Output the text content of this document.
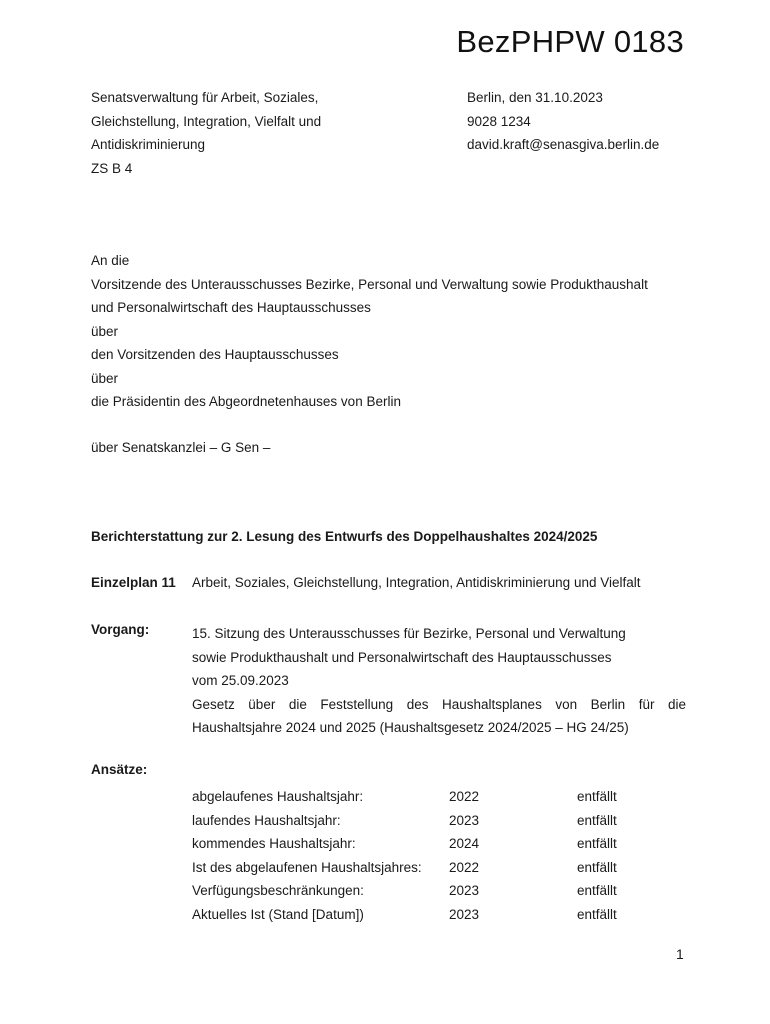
BezPHPW 0183
Senatsverwaltung für Arbeit, Soziales,
Gleichstellung, Integration, Vielfalt und
Antidiskriminierung
ZS B 4
Berlin, den 31.10.2023
9028 1234
david.kraft@senasgiva.berlin.de
An die
Vorsitzende des Unterausschusses Bezirke, Personal und Verwaltung sowie Produkthaushalt
und Personalwirtschaft des Hauptausschusses
über
den Vorsitzenden des Hauptausschusses
über
die Präsidentin des Abgeordnetenhauses von Berlin
über Senatskanzlei – G Sen –
Berichterstattung zur 2. Lesung des Entwurfs des Doppelhaushaltes 2024/2025
Einzelplan 11 Arbeit, Soziales, Gleichstellung, Integration, Antidiskriminierung und Vielfalt
Vorgang:	15. Sitzung des Unterausschusses für Bezirke, Personal und Verwaltung
sowie Produkthaushalt und Personalwirtschaft des Hauptausschusses
vom 25.09.2023
Gesetz über die Feststellung des Haushaltsplanes von Berlin für die
Haushaltsjahre 2024 und 2025 (Haushaltsgesetz 2024/2025 – HG 24/25)
Ansätze:
abgelaufenes Haushaltsjahr:	2022	entfällt
laufendes Haushaltsjahr:	2023	entfällt
kommendes Haushaltsjahr:	2024	entfällt
Ist des abgelaufenen Haushaltsjahres:	2022	entfällt
Verfügungsbeschränkungen:	2023	entfällt
Aktuelles Ist (Stand [Datum])	2023	entfällt
1
